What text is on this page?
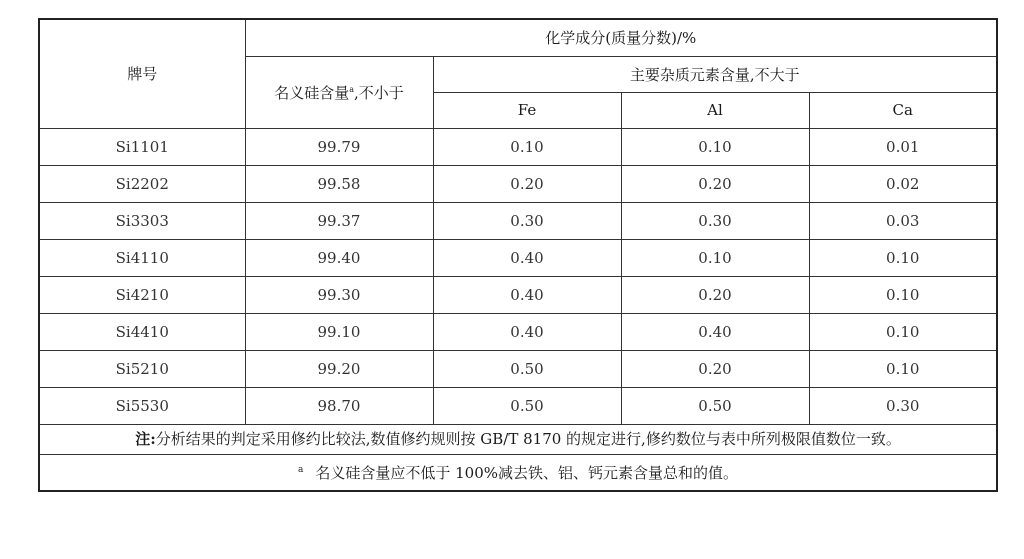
牌号	化学成分(质量分数)/%			
	名义硅含量$^a$,不小于	主要杂质元素含量,不大于		
		Fe	Al	Ca
Si1101	99.79	0.10	0.10	0.01
Si2202	99.58	0.20	0.20	0.02
Si3303	99.37	0.30	0.30	0.03
Si4110	99.40	0.40	0.10	0.10
Si4210	99.30	0.40	0.20	0.10
Si4410	99.10	0.40	0.40	0.10
Si5210	99.20	0.50	0.20	0.10
Si5530	98.70	0.50	0.50	0.30

注:分析结果的判定采用修约比较法,数值修约规则按 GB/T 8170 的规定进行,修约数位与表中所列极限值数位一致。				

$^a$ 名义硅含量应不低于 100%减去铁、铝、钙元素含量总和的值。				
